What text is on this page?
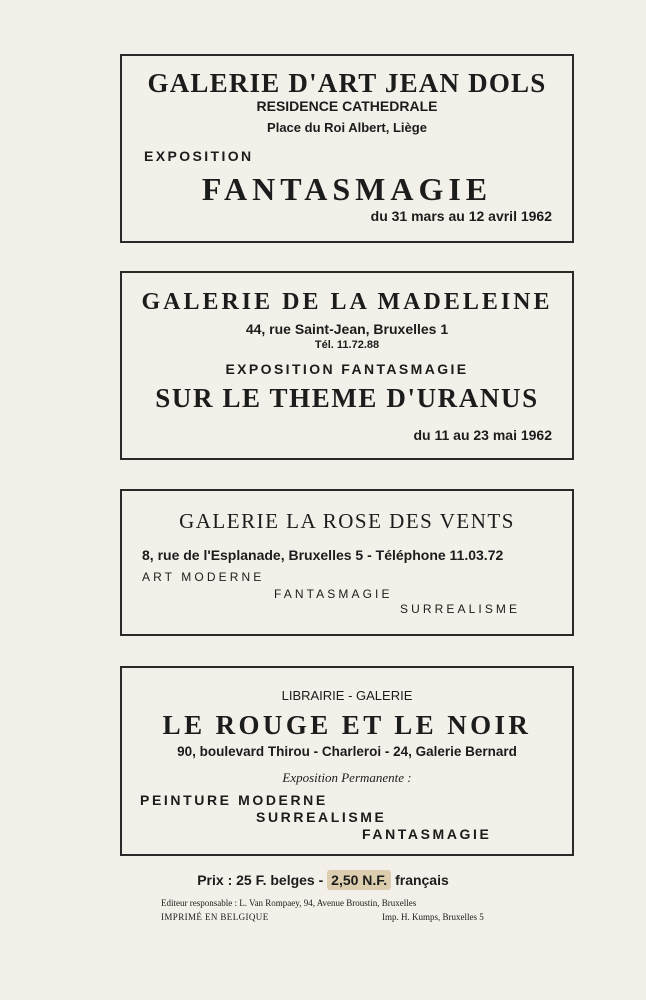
GALERIE D'ART JEAN DOLS
RESIDENCE CATHEDRALE
Place du Roi Albert, Liège
EXPOSITION
FANTASMAGIE
du 31 mars au 12 avril 1962
GALERIE DE LA MADELEINE
44, rue Saint-Jean, Bruxelles 1
Tél. 11.72.88
EXPOSITION FANTASMAGIE
SUR LE THEME D'URANUS
du 11 au 23 mai 1962
GALERIE LA ROSE DES VENTS
8, rue de l'Esplanade, Bruxelles 5 - Téléphone 11.03.72
ART MODERNE
FANTASMAGIE
SURREALISME
LIBRAIRIE - GALERIE
LE ROUGE ET LE NOIR
90, boulevard Thirou - Charleroi - 24, Galerie Bernard
Exposition Permanente :
PEINTURE MODERNE
SURREALISME
FANTASMAGIE
Prix : 25 F. belges - 2,50 N.F. français
Editeur responsable : L. Van Rompaey, 94, Avenue Broustin, Bruxelles
IMPRIMÉ EN BELGIQUE	Imp. H. Kumps, Bruxelles 5
